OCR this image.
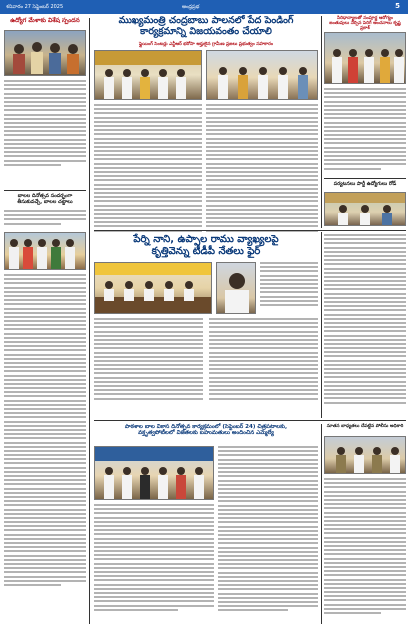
శనివారం 27 సెప్టెంబర్ 2025	ఆంధ్రప్రభ	5
ఉద్యోగ మేళాకు విశేష స్పందన
బాలల దినోత్సవ సందర్భంగా
తీసుకువచ్చే, బాలల చట్టాలు
ముఖ్యమంత్రి చంద్రబాబు పాలనలో పేద పెండింగ్
కార్యక్రమాన్ని విజయవంతం చేయాలి
ఫ్లైయింగ్ సెంటర్లు ఎన్టీఆర్ భరోసా అర్హులైన గ్రామీణ ప్రజలు ప్రభుత్వం సహకారం
సిరిధాన్యాలతో సంపూర్ణ ఆరోగ్యం
జంతువులు నేర్పిన పెరిగే అంచనాలు కృష్ణ ప్రకాశ్
పర్యటనలు పార్టీ ఉద్యోగులు రోడ్
పేర్ని నాని, ఉప్పాల రాము వ్యాఖ్యలపై
కృత్తివెన్ను టీడీపీ నేతలు ఫైర్
పాఠశాల బాల వికాస దినోత్సవ కార్యక్రమంలో (సెప్టెంబర్ 24) చిత్రపటాలకు,
వక్తృత్వపోటీలలో విజేతలకు బహుమతులు అందించిన ఎమ్మెల్యే
నూతన బాధ్యతలు చేపట్టిన పోలీసు అధికారి
